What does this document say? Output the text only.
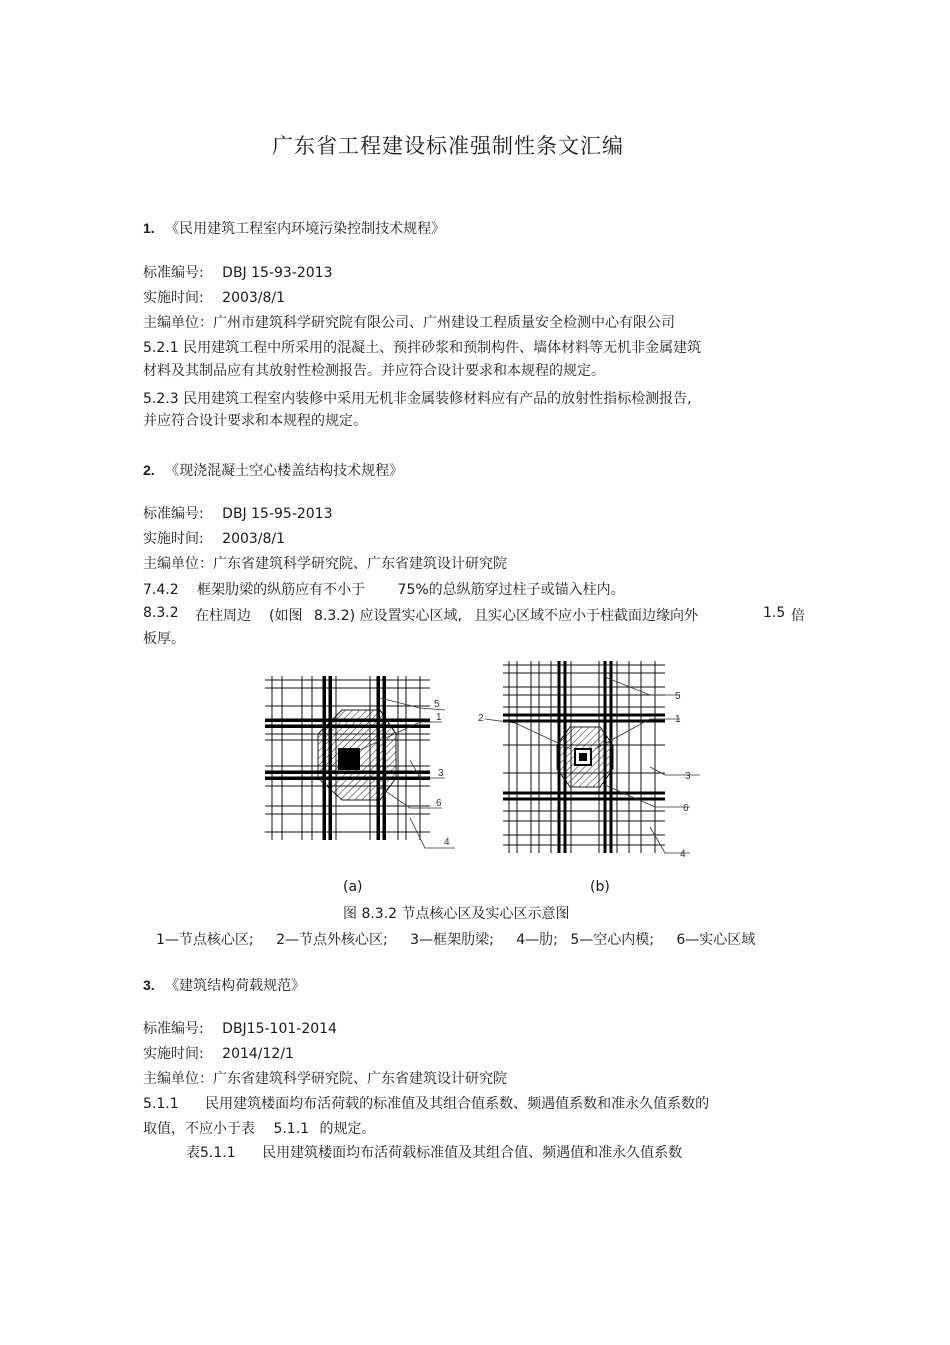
广东省工程建设标准强制性条文汇编
1. 《民用建筑工程室内环境污染控制技术规程》
标准编号: DBJ 15-93-2013
实施时间: 2003/8/1
主编单位：广州市建筑科学研究院有限公司、广州建设工程质量安全检测中心有限公司
5.2.1 民用建筑工程中所采用的混凝土、预拌砂浆和预制构件、墙体材料等无机非金属建筑
材料及其制品应有其放射性检测报告。并应符合设计要求和本规程的规定。
5.2.3 民用建筑工程室内装修中采用无机非金属装修材料应有产品的放射性指标检测报告,
并应符合设计要求和本规程的规定。
2. 《现浇混凝土空心楼盖结构技术规程》
标准编号: DBJ 15-95-2013
实施时间: 2003/8/1
主编单位：广东省建筑科学研究院、广东省建筑设计研究院
7.4.2 框架肋梁的纵筋应有不小于 75%的总纵筋穿过柱子或锚入柱内。
8.3.2 在柱周边 (如图 8.3.2) 应设置实心区域, 且实心区域不应小于柱截面边缘向外	1.5 倍
板厚。
5
1
3
6
4
5
2	1
3
6
4
(a)	(b)
图 8.3.2 节点核心区及实心区示意图
1—节点核心区; 2—节点外核心区; 3—框架肋梁; 4—肋; 5—空心内模; 6—实心区域
3. 《建筑结构荷载规范》
标准编号: DBJ15-101-2014
实施时间: 2014/12/1
主编单位：广东省建筑科学研究院、广东省建筑设计研究院
5.1.1 民用建筑楼面均布活荷载的标准值及其组合值系数、频遇值系数和准永久值系数的
取值，不应小于表 5.1.1 的规定。
表5.1.1 民用建筑楼面均布活荷载标准值及其组合值、频遇值和准永久值系数
